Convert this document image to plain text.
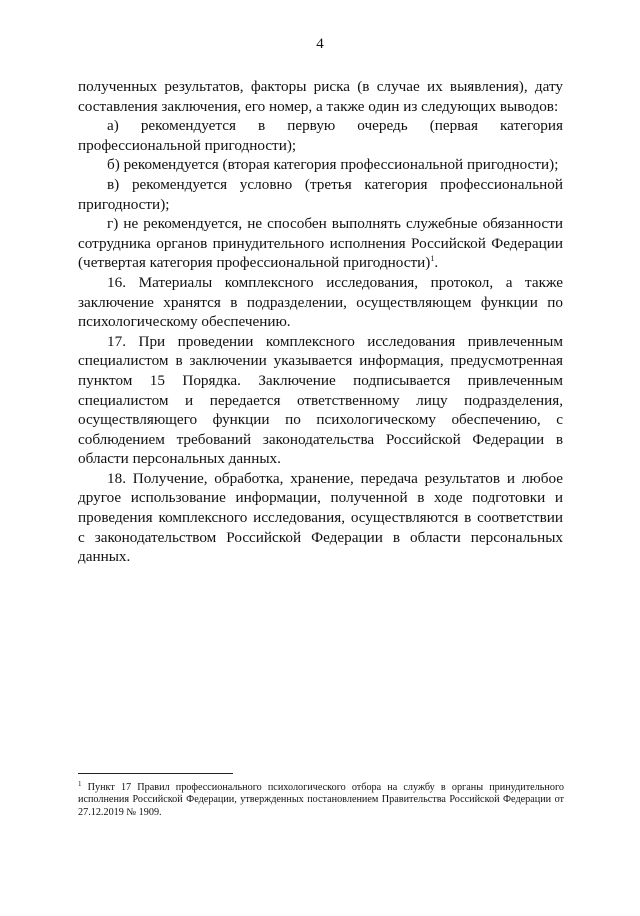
4

полученных результатов, факторы риска (в случае их выявления), дату составления заключения, его номер, а также один из следующих выводов:

а) рекомендуется в первую очередь (первая категория профессиональной пригодности);

б) рекомендуется (вторая категория профессиональной пригодности);

в) рекомендуется условно (третья категория профессиональной пригодности);

г) не рекомендуется, не способен выполнять служебные обязанности сотрудника органов принудительного исполнения Российской Федерации (четвертая категория профессиональной пригодности)$^1$.

16. Материалы комплексного исследования, протокол, а также заключение хранятся в подразделении, осуществляющем функции по психологическому обеспечению.

17. При проведении комплексного исследования привлеченным специалистом в заключении указывается информация, предусмотренная пунктом 15 Порядка. Заключение подписывается привлеченным специалистом и передается ответственному лицу подразделения, осуществляющего функции по психологическому обеспечению, с соблюдением требований законодательства Российской Федерации в области персональных данных.

18. Получение, обработка, хранение, передача результатов и любое другое использование информации, полученной в ходе подготовки и проведения комплексного исследования, осуществляются в соответствии с законодательством Российской Федерации в области персональных данных.

$^1$ Пункт 17 Правил профессионального психологического отбора на службу в органы принудительного исполнения Российской Федерации, утвержденных постановлением Правительства Российской Федерации от 27.12.2019 № 1909.
